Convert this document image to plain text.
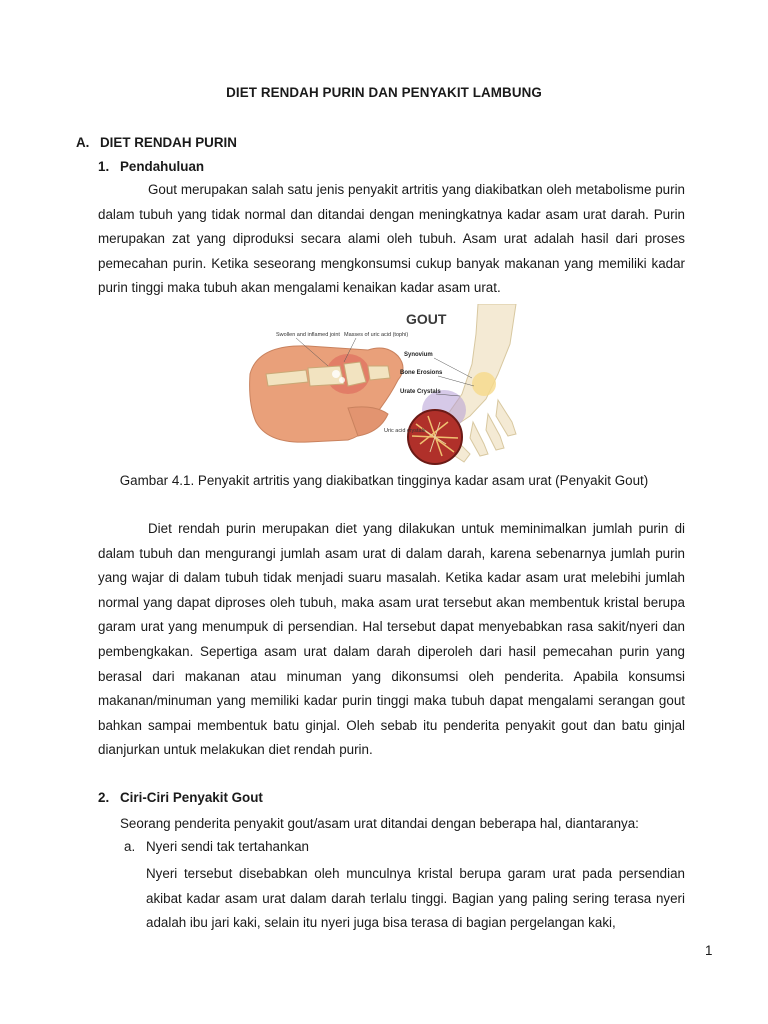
DIET RENDAH PURIN DAN PENYAKIT LAMBUNG
A. DIET RENDAH PURIN
1. Pendahuluan

Gout merupakan salah satu jenis penyakit artritis yang diakibatkan oleh metabolisme purin dalam tubuh yang tidak normal dan ditandai dengan meningkatnya kadar asam urat darah. Purin merupakan zat yang diproduksi secara alami oleh tubuh. Asam urat adalah hasil dari proses pemecahan purin. Ketika seseorang mengkonsumsi cukup banyak makanan yang memiliki kadar purin tinggi maka tubuh akan mengalami kenaikan kadar asam urat.

GOUT
Swollen and inflamed joint Masses of uric acid (tophi)
Synovium
Bone Erosions
Urate Crystals
Uric acid crystals
Gambar 4.1. Penyakit artritis yang diakibatkan tingginya kadar asam urat (Penyakit Gout)

Diet rendah purin merupakan diet yang dilakukan untuk meminimalkan jumlah purin di dalam tubuh dan mengurangi jumlah asam urat di dalam darah, karena sebenarnya jumlah purin yang wajar di dalam tubuh tidak menjadi suaru masalah. Ketika kadar asam urat melebihi jumlah normal yang dapat diproses oleh tubuh, maka asam urat tersebut akan membentuk kristal berupa garam urat yang menumpuk di persendian. Hal tersebut dapat menyebabkan rasa sakit/nyeri dan pembengkakan. Sepertiga asam urat dalam darah diperoleh dari hasil pemecahan purin yang berasal dari makanan atau minuman yang dikonsumsi oleh penderita. Apabila konsumsi makanan/minuman yang memiliki kadar purin tinggi maka tubuh dapat mengalami serangan gout bahkan sampai membentuk batu ginjal. Oleh sebab itu penderita penyakit gout dan batu ginjal dianjurkan untuk melakukan diet rendah purin.

2. Ciri-Ciri Penyakit Gout
Seorang penderita penyakit gout/asam urat ditandai dengan beberapa hal, diantaranya:
a. Nyeri sendi tak tertahankan

Nyeri tersebut disebabkan oleh munculnya kristal berupa garam urat pada persendian akibat kadar asam urat dalam darah terlalu tinggi. Bagian yang paling sering terasa nyeri adalah ibu jari kaki, selain itu nyeri juga bisa terasa di bagian pergelangan kaki,

1
